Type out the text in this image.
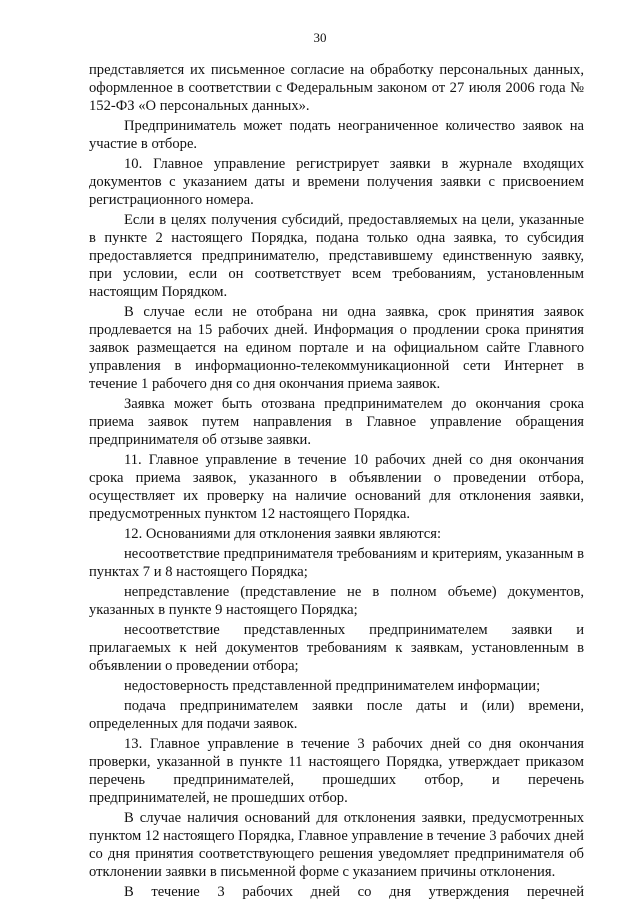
30

представляется их письменное согласие на обработку персональных данных, оформленное в соответствии с Федеральным законом от 27 июля 2006 года № 152-ФЗ «О персональных данных».

Предприниматель может подать неограниченное количество заявок на участие в отборе.

10. Главное управление регистрирует заявки в журнале входящих документов с указанием даты и времени получения заявки с присвоением регистрационного номера.

Если в целях получения субсидий, предоставляемых на цели, указанные в пункте 2 настоящего Порядка, подана только одна заявка, то субсидия предоставляется предпринимателю, представившему единственную заявку, при условии, если он соответствует всем требованиям, установленным настоящим Порядком.

В случае если не отобрана ни одна заявка, срок принятия заявок продлевается на 15 рабочих дней. Информация о продлении срока принятия заявок размещается на едином портале и на официальном сайте Главного управления в информационно-телекоммуникационной сети Интернет в течение 1 рабочего дня со дня окончания приема заявок.

Заявка может быть отозвана предпринимателем до окончания срока приема заявок путем направления в Главное управление обращения предпринимателя об отзыве заявки.

11. Главное управление в течение 10 рабочих дней со дня окончания срока приема заявок, указанного в объявлении о проведении отбора, осуществляет их проверку на наличие оснований для отклонения заявки, предусмотренных пунктом 12 настоящего Порядка.

12. Основаниями для отклонения заявки являются:

несоответствие предпринимателя требованиям и критериям, указанным в пунктах 7 и 8 настоящего Порядка;

непредставление (представление не в полном объеме) документов, указанных в пункте 9 настоящего Порядка;

несоответствие представленных предпринимателем заявки и прилагаемых к ней документов требованиям к заявкам, установленным в объявлении о проведении отбора;

недостоверность представленной предпринимателем информации;

подача предпринимателем заявки после даты и (или) времени, определенных для подачи заявок.

13. Главное управление в течение 3 рабочих дней со дня окончания проверки, указанной в пункте 11 настоящего Порядка, утверждает приказом перечень предпринимателей, прошедших отбор, и перечень предпринимателей, не прошедших отбор.

В случае наличия оснований для отклонения заявки, предусмотренных пунктом 12 настоящего Порядка, Главное управление в течение 3 рабочих дней со дня принятия соответствующего решения уведомляет предпринимателя об отклонении заявки в письменной форме с указанием причины отклонения.

В течение 3 рабочих дней со дня утверждения перечней
